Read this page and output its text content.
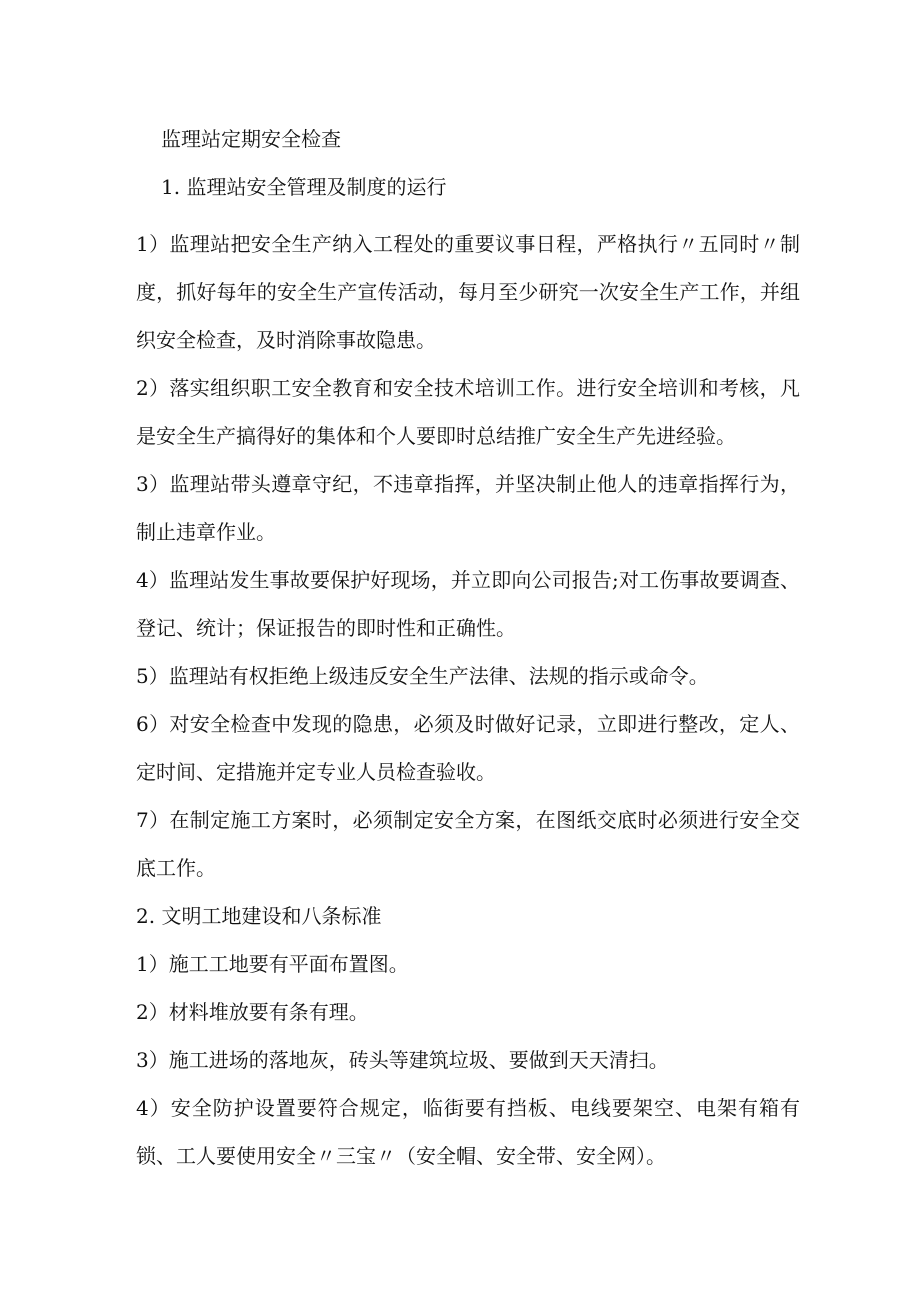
监理站定期安全检查
1. 监理站安全管理及制度的运行
1）监理站把安全生产纳入工程处的重要议事日程，严格执行〃五同时〃制度，抓好每年的安全生产宣传活动，每月至少研究一次安全生产工作，并组织安全检查，及时消除事故隐患。
2）落实组织职工安全教育和安全技术培训工作。进行安全培训和考核，凡是安全生产搞得好的集体和个人要即时总结推广安全生产先进经验。
3）监理站带头遵章守纪，不违章指挥，并坚决制止他人的违章指挥行为，制止违章作业。
4）监理站发生事故要保护好现场，并立即向公司报告;对工伤事故要调查、登记、统计；保证报告的即时性和正确性。
5）监理站有权拒绝上级违反安全生产法律、法规的指示或命令。
6）对安全检查中发现的隐患，必须及时做好记录，立即进行整改，定人、定时间、定措施并定专业人员检查验收。
7）在制定施工方案时，必须制定安全方案，在图纸交底时必须进行安全交底工作。
2. 文明工地建设和八条标准
1）施工工地要有平面布置图。
2）材料堆放要有条有理。
3）施工进场的落地灰，砖头等建筑垃圾、要做到天天清扫。
4）安全防护设置要符合规定，临街要有挡板、电线要架空、电架有箱有锁、工人要使用安全〃三宝〃（安全帽、安全带、安全网）。
